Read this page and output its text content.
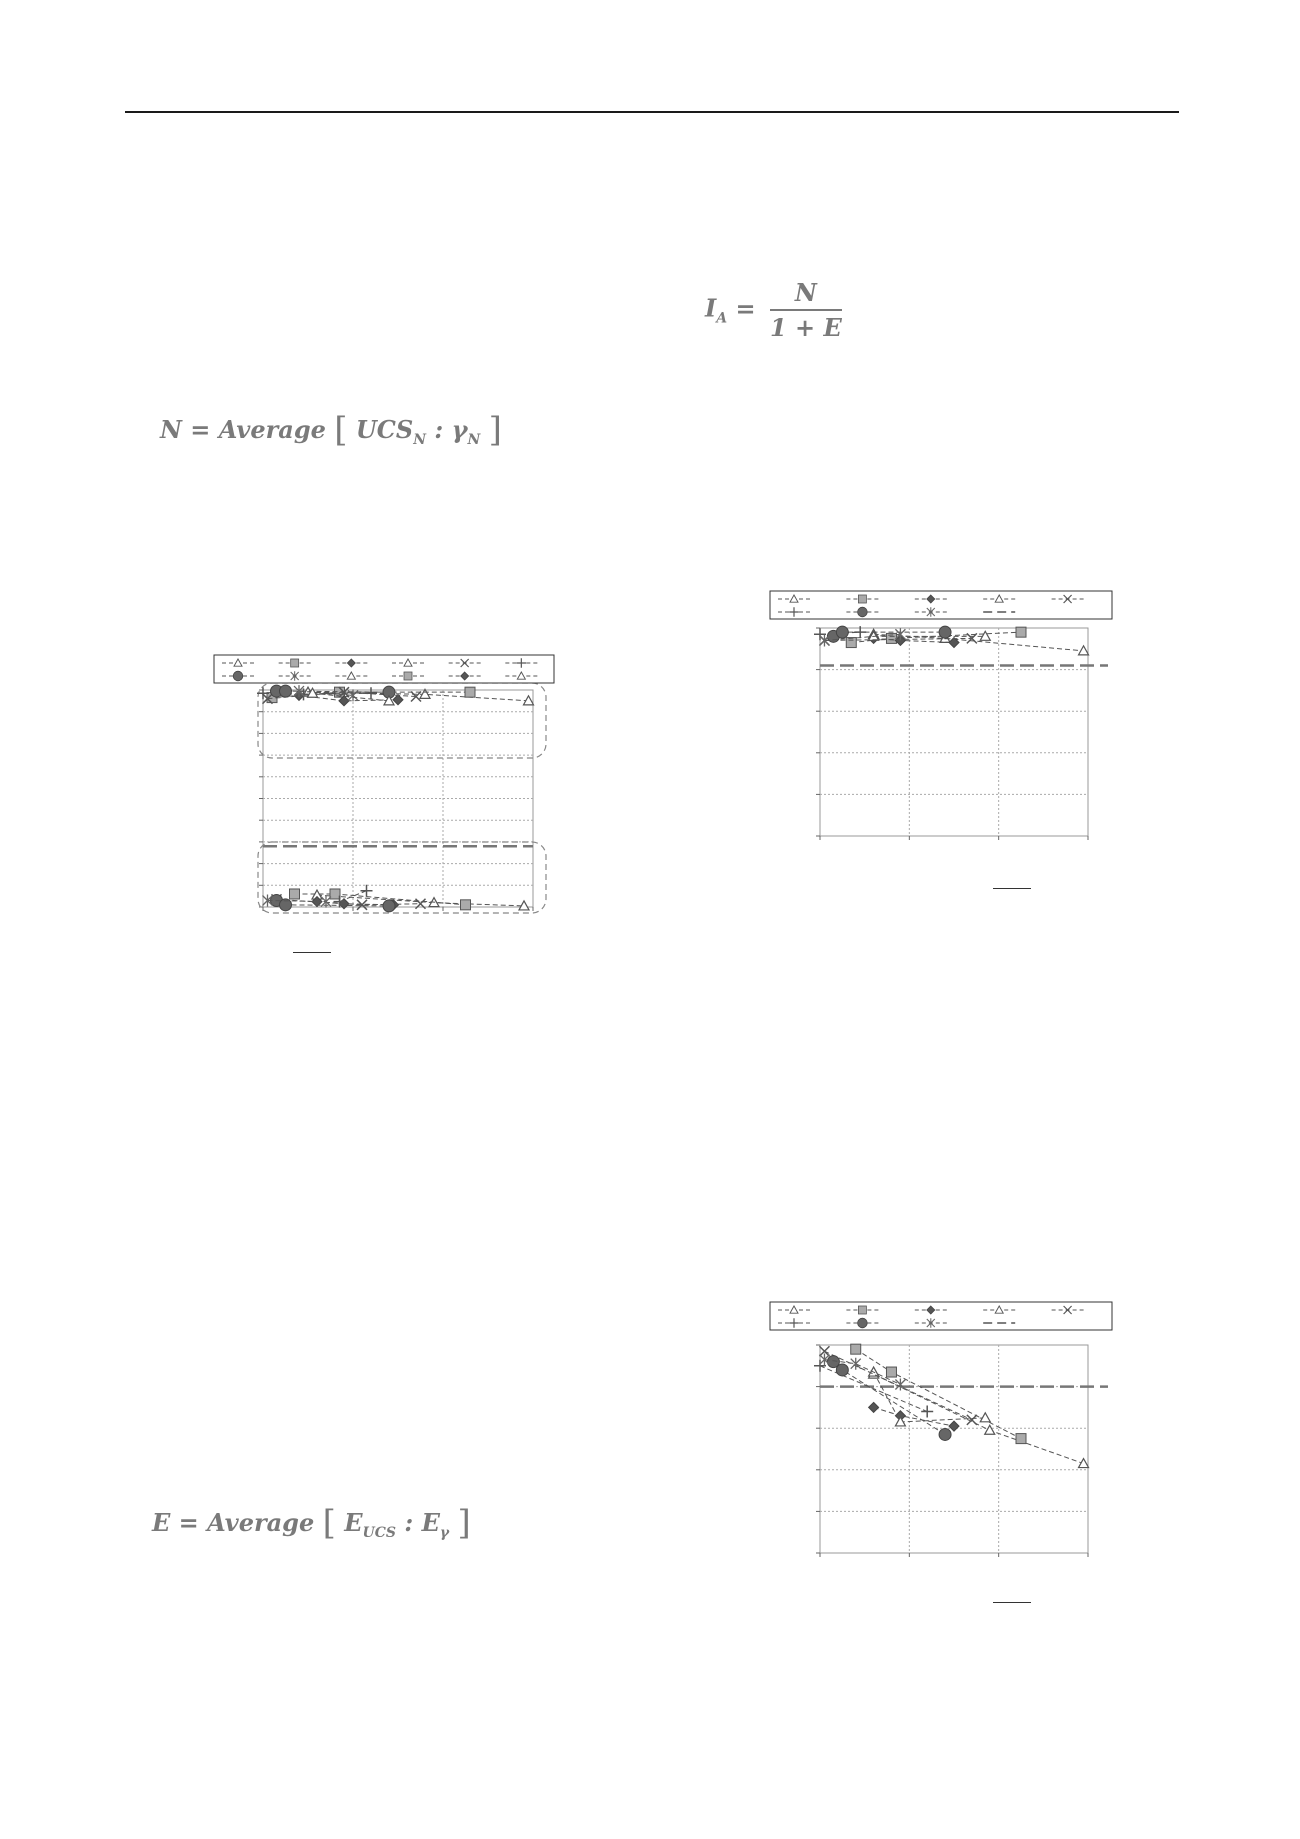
N = Average [ $UCS_N$ : $\gamma_N$ ]
E = Average [ $E_{UCS}$ : $E_\gamma$ ]
$I_A = \frac{N}{1 + E}$
